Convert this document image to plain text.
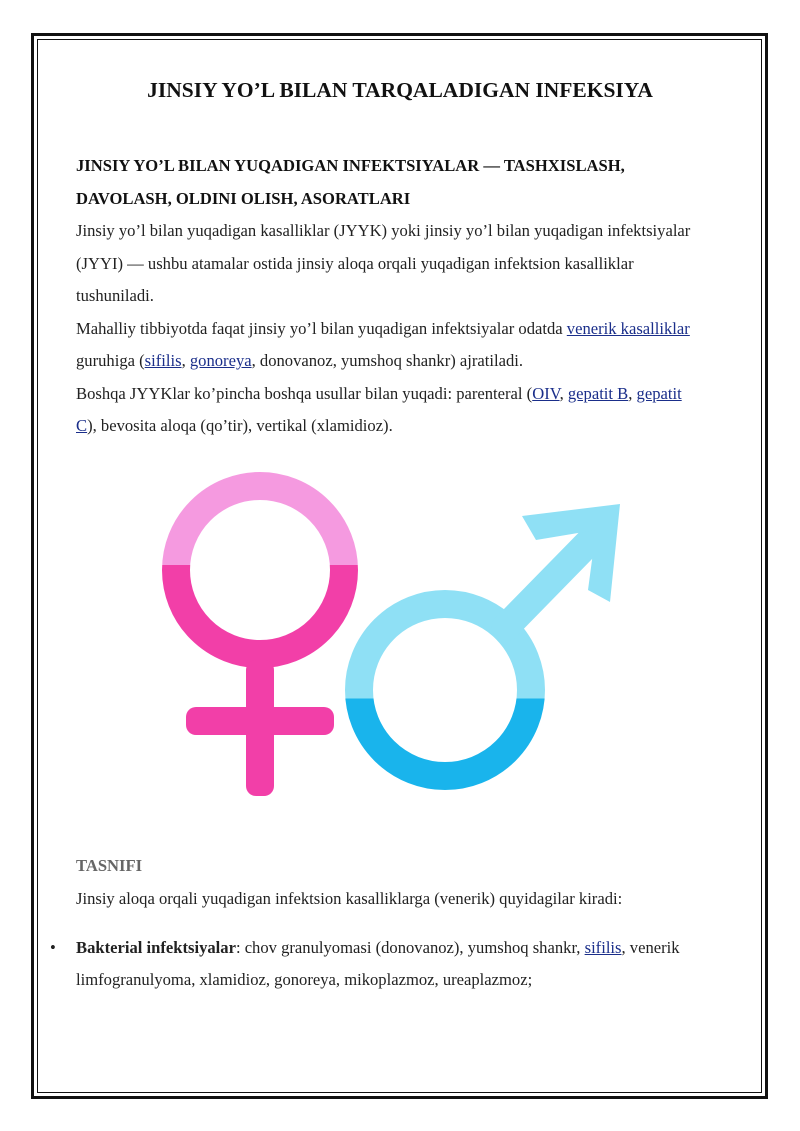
JINSIY YO’L BILAN TARQALADIGAN INFEKSIYA

JINSIY YO’L BILAN YUQADIGAN INFEKTSIYALAR — TASHXISLASH, DAVOLASH, OLDINI OLISH, ASORATLARI

Jinsiy yo’l bilan yuqadigan kasalliklar (JYYK) yoki jinsiy yo’l bilan yuqadigan infektsiyalar (JYYI) — ushbu atamalar ostida jinsiy aloqa orqali yuqadigan infektsion kasalliklar tushuniladi.

Mahalliy tibbiyotda faqat jinsiy yo’l bilan yuqadigan infektsiyalar odatda venerik kasalliklar guruhiga (sifilis, gonoreya, donovanoz, yumshoq shankr) ajratiladi.

Boshqa JYYKlar ko’pincha boshqa usullar bilan yuqadi: parenteral (OIV, gepatit B, gepatit C), bevosita aloqa (qo’tir), vertikal (xlamidioz).

TASNIFI

Jinsiy aloqa orqali yuqadigan infektsion kasalliklarga (venerik) quyidagilar kiradi:

• Bakterial infektsiyalar: chov granulyomasi (donovanoz), yumshoq shankr, sifilis, venerik limfogranulyoma, xlamidioz, gonoreya, mikoplazmoz, ureaplazmoz;
